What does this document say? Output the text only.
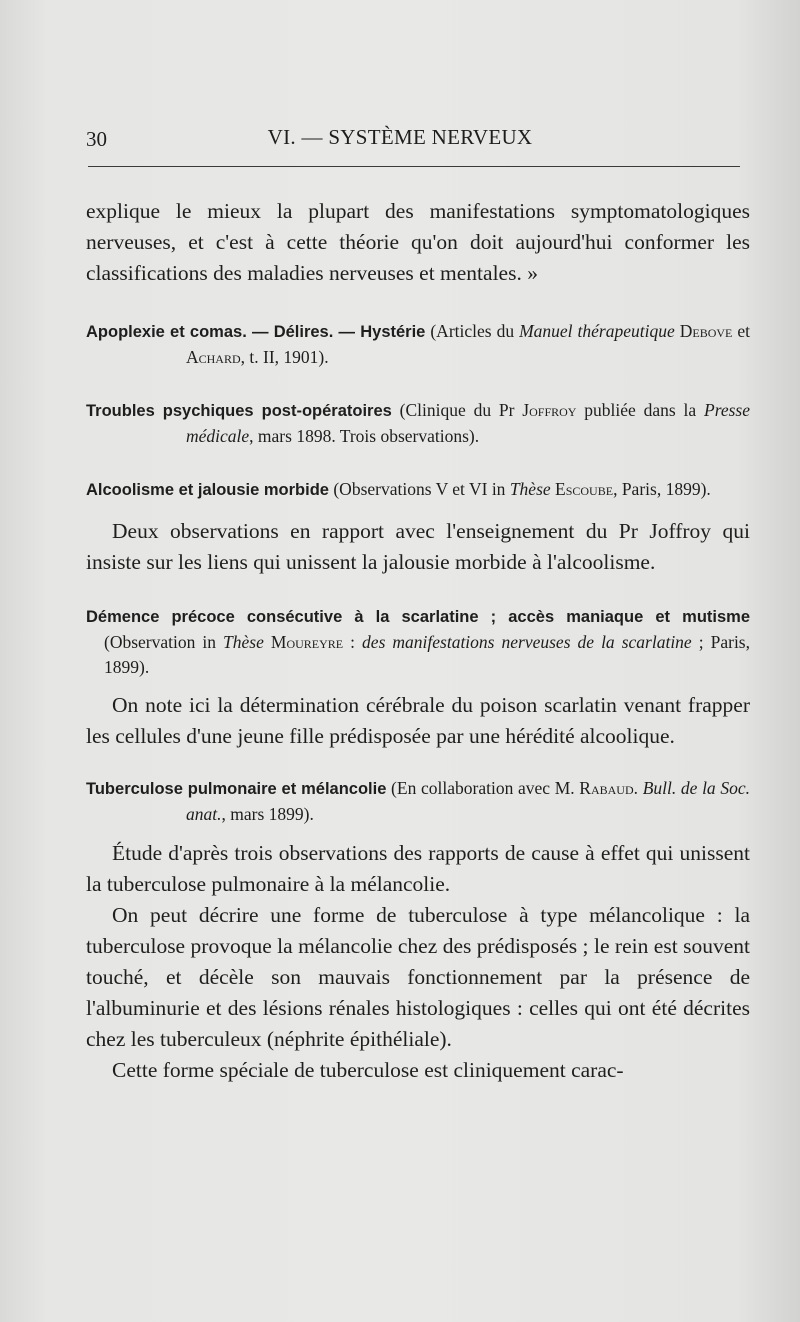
30	VI. — SYSTÈME NERVEUX

explique le mieux la plupart des manifestations symptomatologiques nerveuses, et c'est à cette théorie qu'on doit aujourd'hui conformer les classifications des maladies nerveuses et mentales. »

Apoplexie et comas. — Délires. — Hystérie (Articles du Manuel thérapeutique Debove et Achard, t. II, 1901).

Troubles psychiques post-opératoires (Clinique du Pr Joffroy publiée dans la Presse médicale, mars 1898. Trois observations).

Alcoolisme et jalousie morbide (Observations V et VI in Thèse Escoube, Paris, 1899).

Deux observations en rapport avec l'enseignement du Pr Joffroy qui insiste sur les liens qui unissent la jalousie morbide à l'alcoolisme.

Démence précoce consécutive à la scarlatine ; accès maniaque et mutisme (Observation in Thèse Moureyre : des manifestations nerveuses de la scarlatine ; Paris, 1899).

On note ici la détermination cérébrale du poison scarlatin venant frapper les cellules d'une jeune fille prédisposée par une hérédité alcoolique.

Tuberculose pulmonaire et mélancolie (En collaboration avec M. Rabaud. Bull. de la Soc. anat., mars 1899).

Étude d'après trois observations des rapports de cause à effet qui unissent la tuberculose pulmonaire à la mélancolie.

On peut décrire une forme de tuberculose à type mélancolique : la tuberculose provoque la mélancolie chez des prédisposés ; le rein est souvent touché, et décèle son mauvais fonctionnement par la présence de l'albuminurie et des lésions rénales histologiques : celles qui ont été décrites chez les tuberculeux (néphrite épithéliale).

Cette forme spéciale de tuberculose est cliniquement carac-
